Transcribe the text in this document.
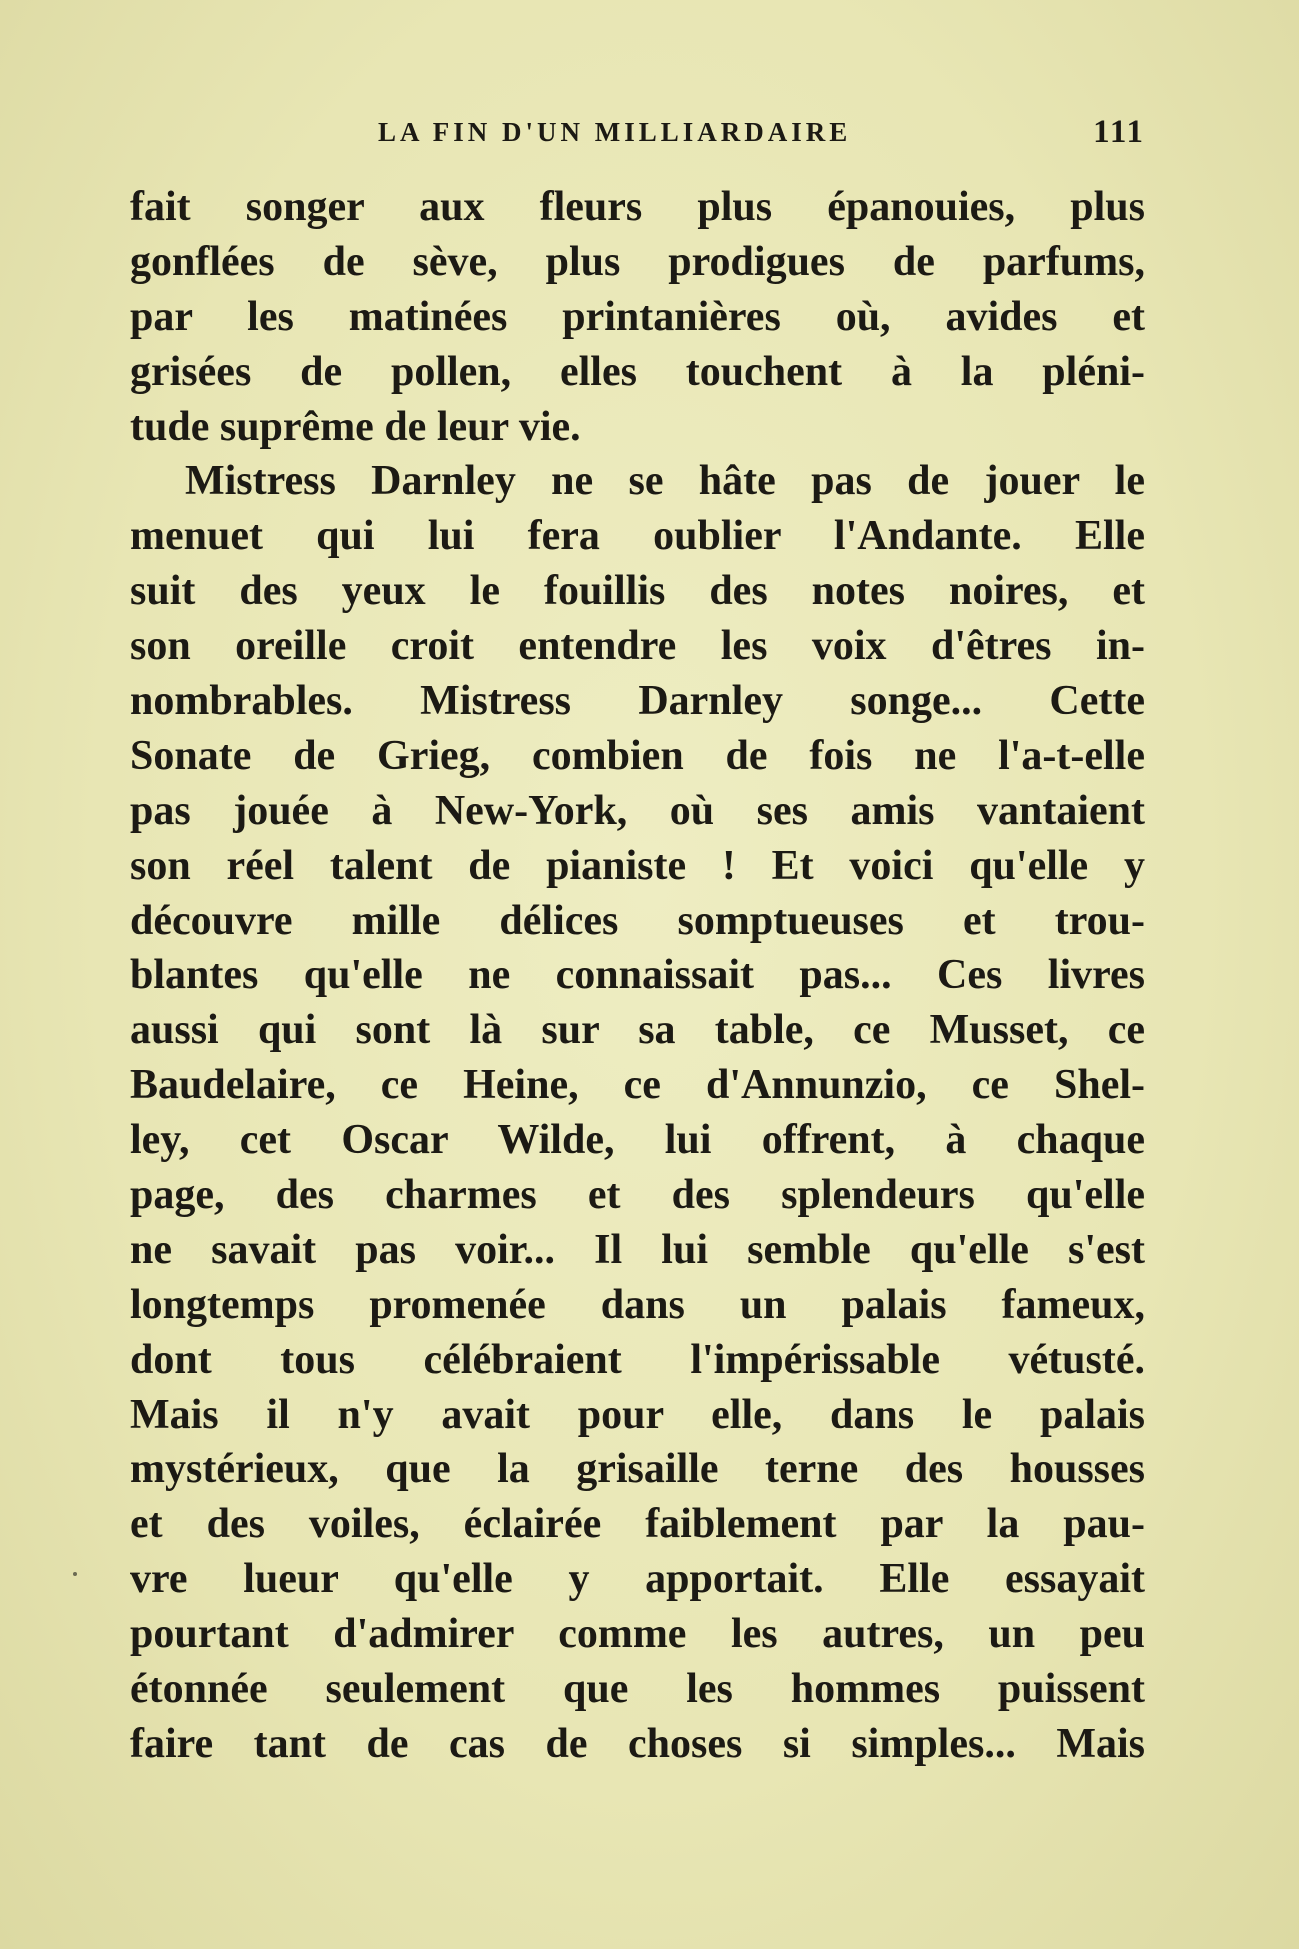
LA FIN D'UN MILLIARDAIRE	111
fait songer aux fleurs plus épanouies, plus
gonflées de sève, plus prodigues de parfums,
par les matinées printanières où, avides et
grisées de pollen, elles touchent à la pléni-
tude suprême de leur vie.
Mistress Darnley ne se hâte pas de jouer le
menuet qui lui fera oublier l'Andante. Elle
suit des yeux le fouillis des notes noires, et
son oreille croit entendre les voix d'êtres in-
nombrables. Mistress Darnley songe... Cette
Sonate de Grieg, combien de fois ne l'a-t-elle
pas jouée à New-York, où ses amis vantaient
son réel talent de pianiste ! Et voici qu'elle y
découvre mille délices somptueuses et trou-
blantes qu'elle ne connaissait pas... Ces livres
aussi qui sont là sur sa table, ce Musset, ce
Baudelaire, ce Heine, ce d'Annunzio, ce Shel-
ley, cet Oscar Wilde, lui offrent, à chaque
page, des charmes et des splendeurs qu'elle
ne savait pas voir... Il lui semble qu'elle s'est
longtemps promenée dans un palais fameux,
dont tous célébraient l'impérissable vétusté.
Mais il n'y avait pour elle, dans le palais
mystérieux, que la grisaille terne des housses
et des voiles, éclairée faiblement par la pau-
vre lueur qu'elle y apportait. Elle essayait
pourtant d'admirer comme les autres, un peu
étonnée seulement que les hommes puissent
faire tant de cas de choses si simples... Mais
